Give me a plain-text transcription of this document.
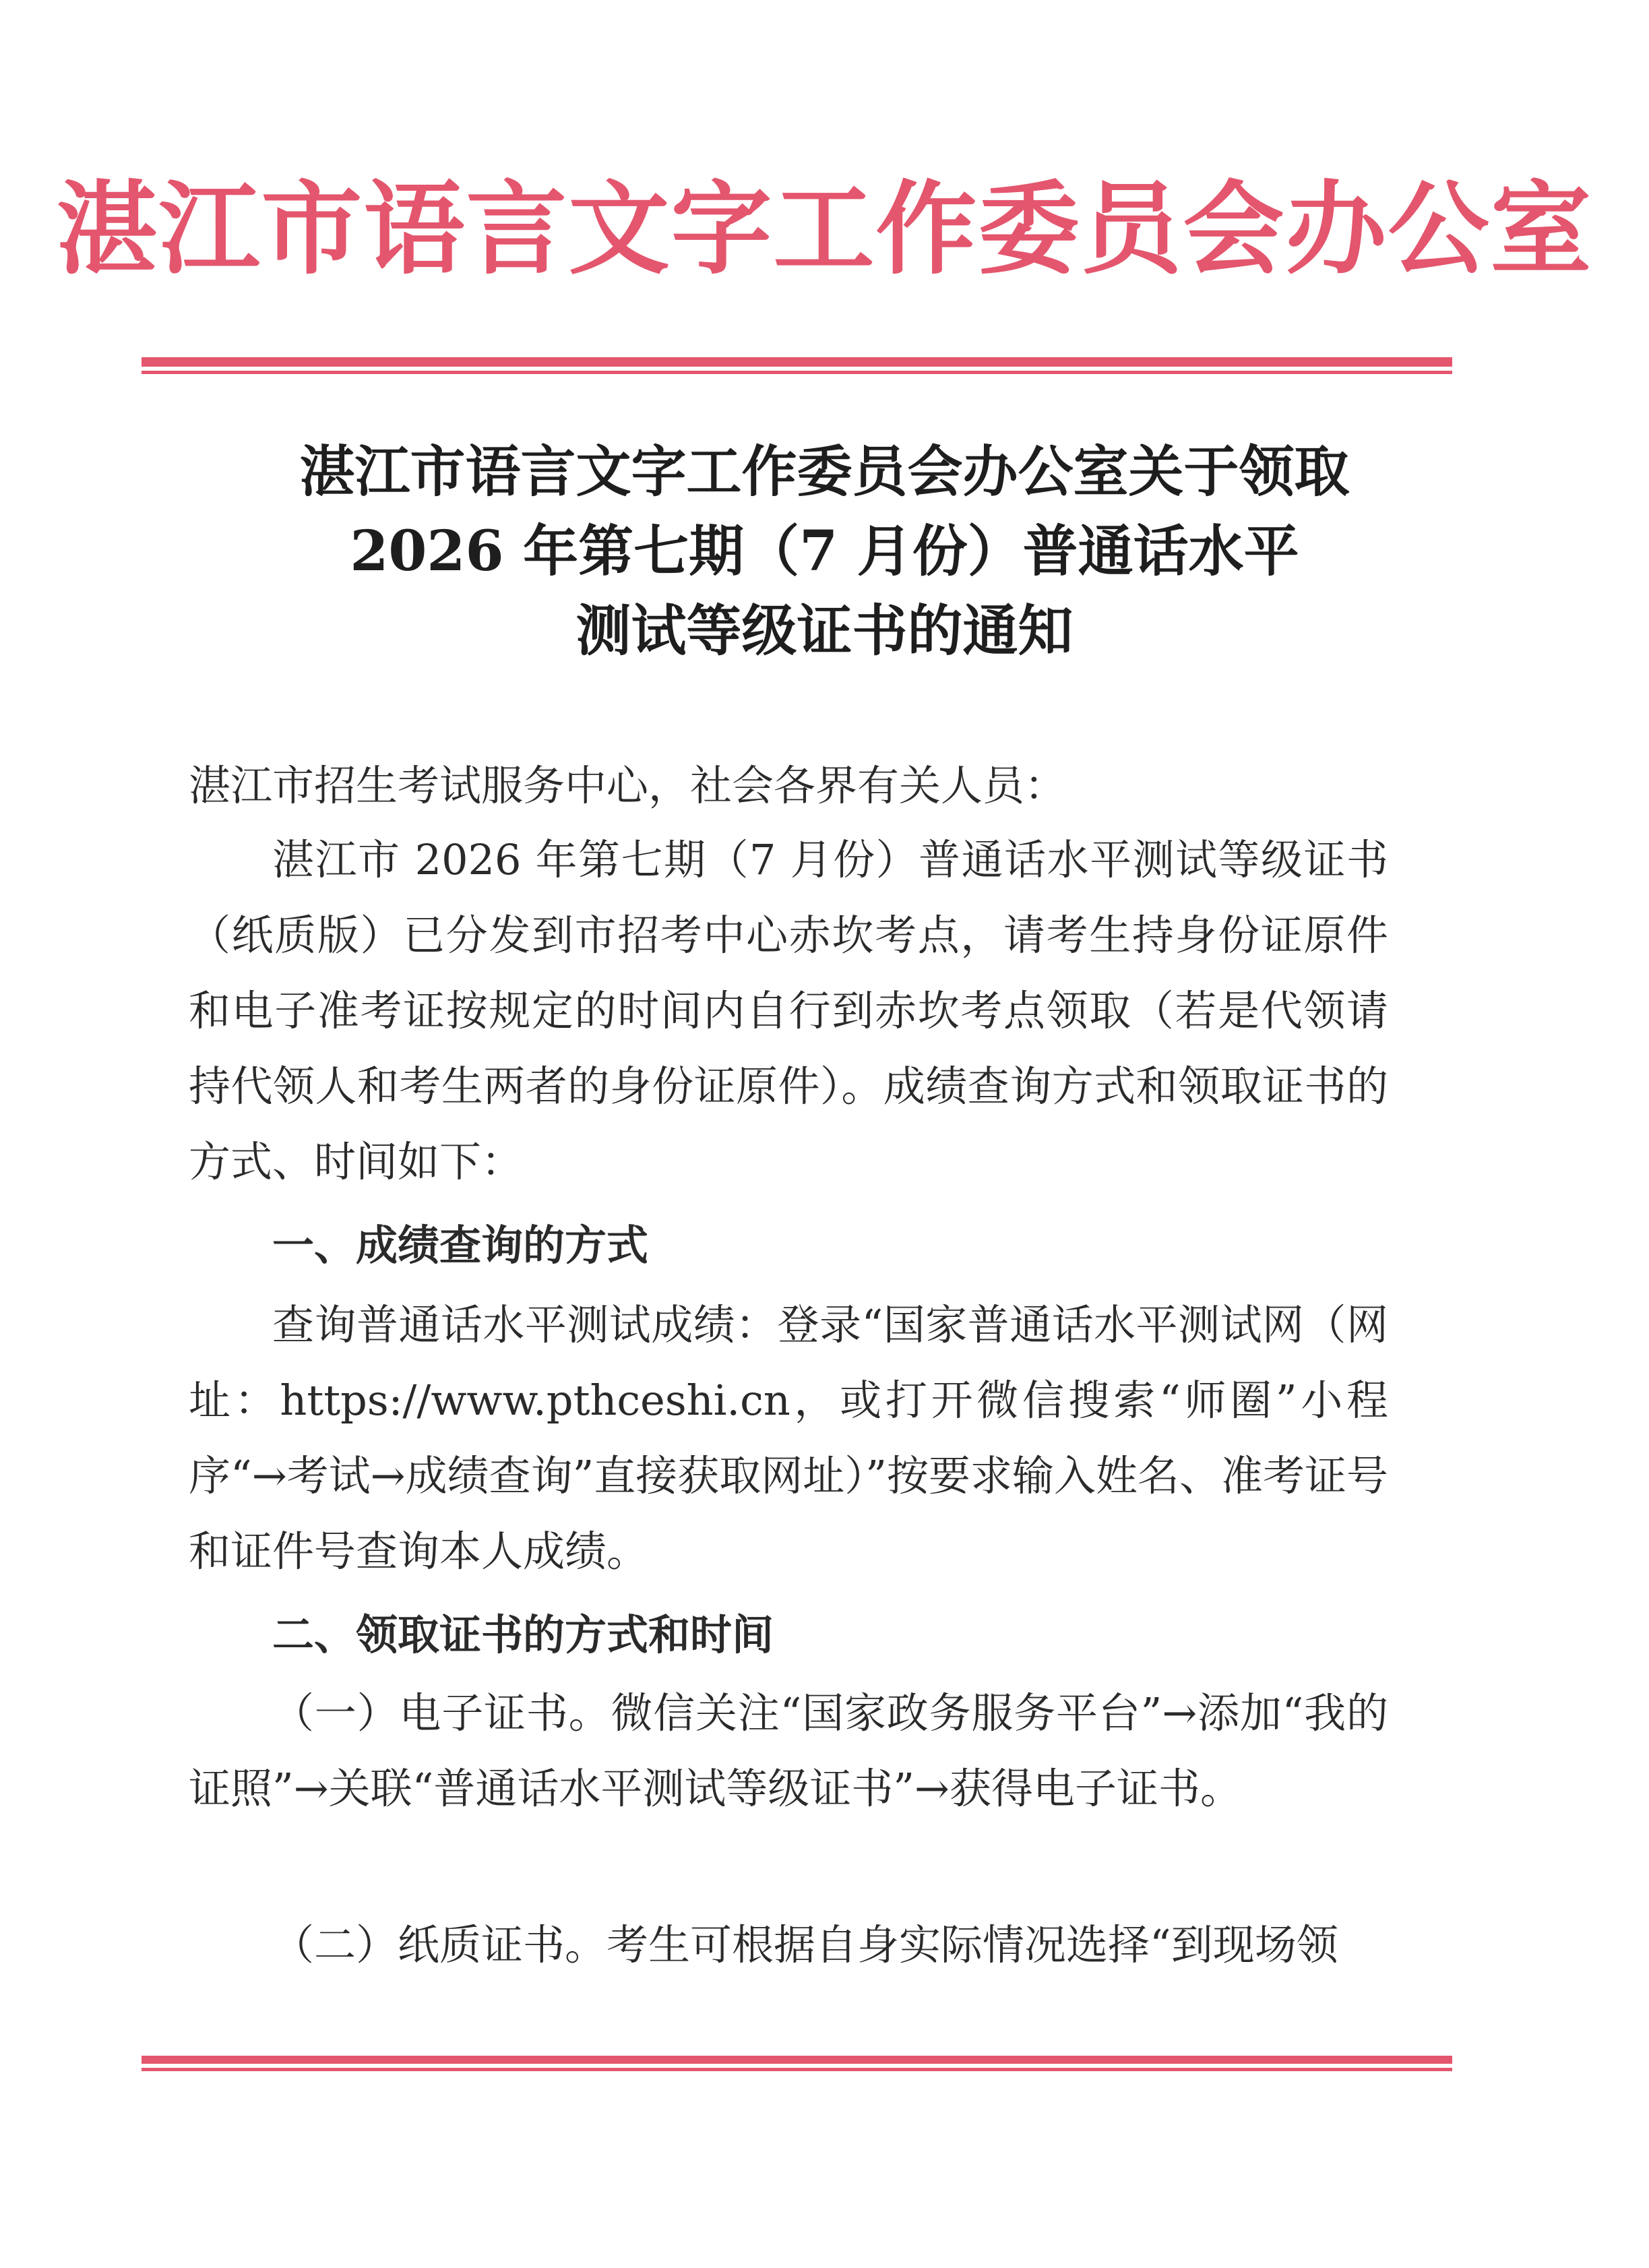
湛江市语言文字工作委员会办公室
湛江市语言文字工作委员会办公室关于领取
2026 年第七期（7 月份）普通话水平
测试等级证书的通知
湛江市招生考试服务中心，社会各界有关人员：
湛江市 2026 年第七期（7 月份）普通话水平测试等级证书（纸质版）已分发到市招考中心赤坎考点，请考生持身份证原件和电子准考证按规定的时间内自行到赤坎考点领取（若是代领请持代领人和考生两者的身份证原件）。成绩查询方式和领取证书的方式、时间如下：
一、成绩查询的方式
查询普通话水平测试成绩：登录“国家普通话水平测试网（网址：https://www.pthceshi.cn，或打开微信搜索“师圈”小程序“→考试→成绩查询”直接获取网址）”按要求输入姓名、准考证号和证件号查询本人成绩。
二、领取证书的方式和时间
（一）电子证书。微信关注“国家政务服务平台”→添加“我的证照”→关联“普通话水平测试等级证书”→获得电子证书。
（二）纸质证书。考生可根据自身实际情况选择“到现场领
